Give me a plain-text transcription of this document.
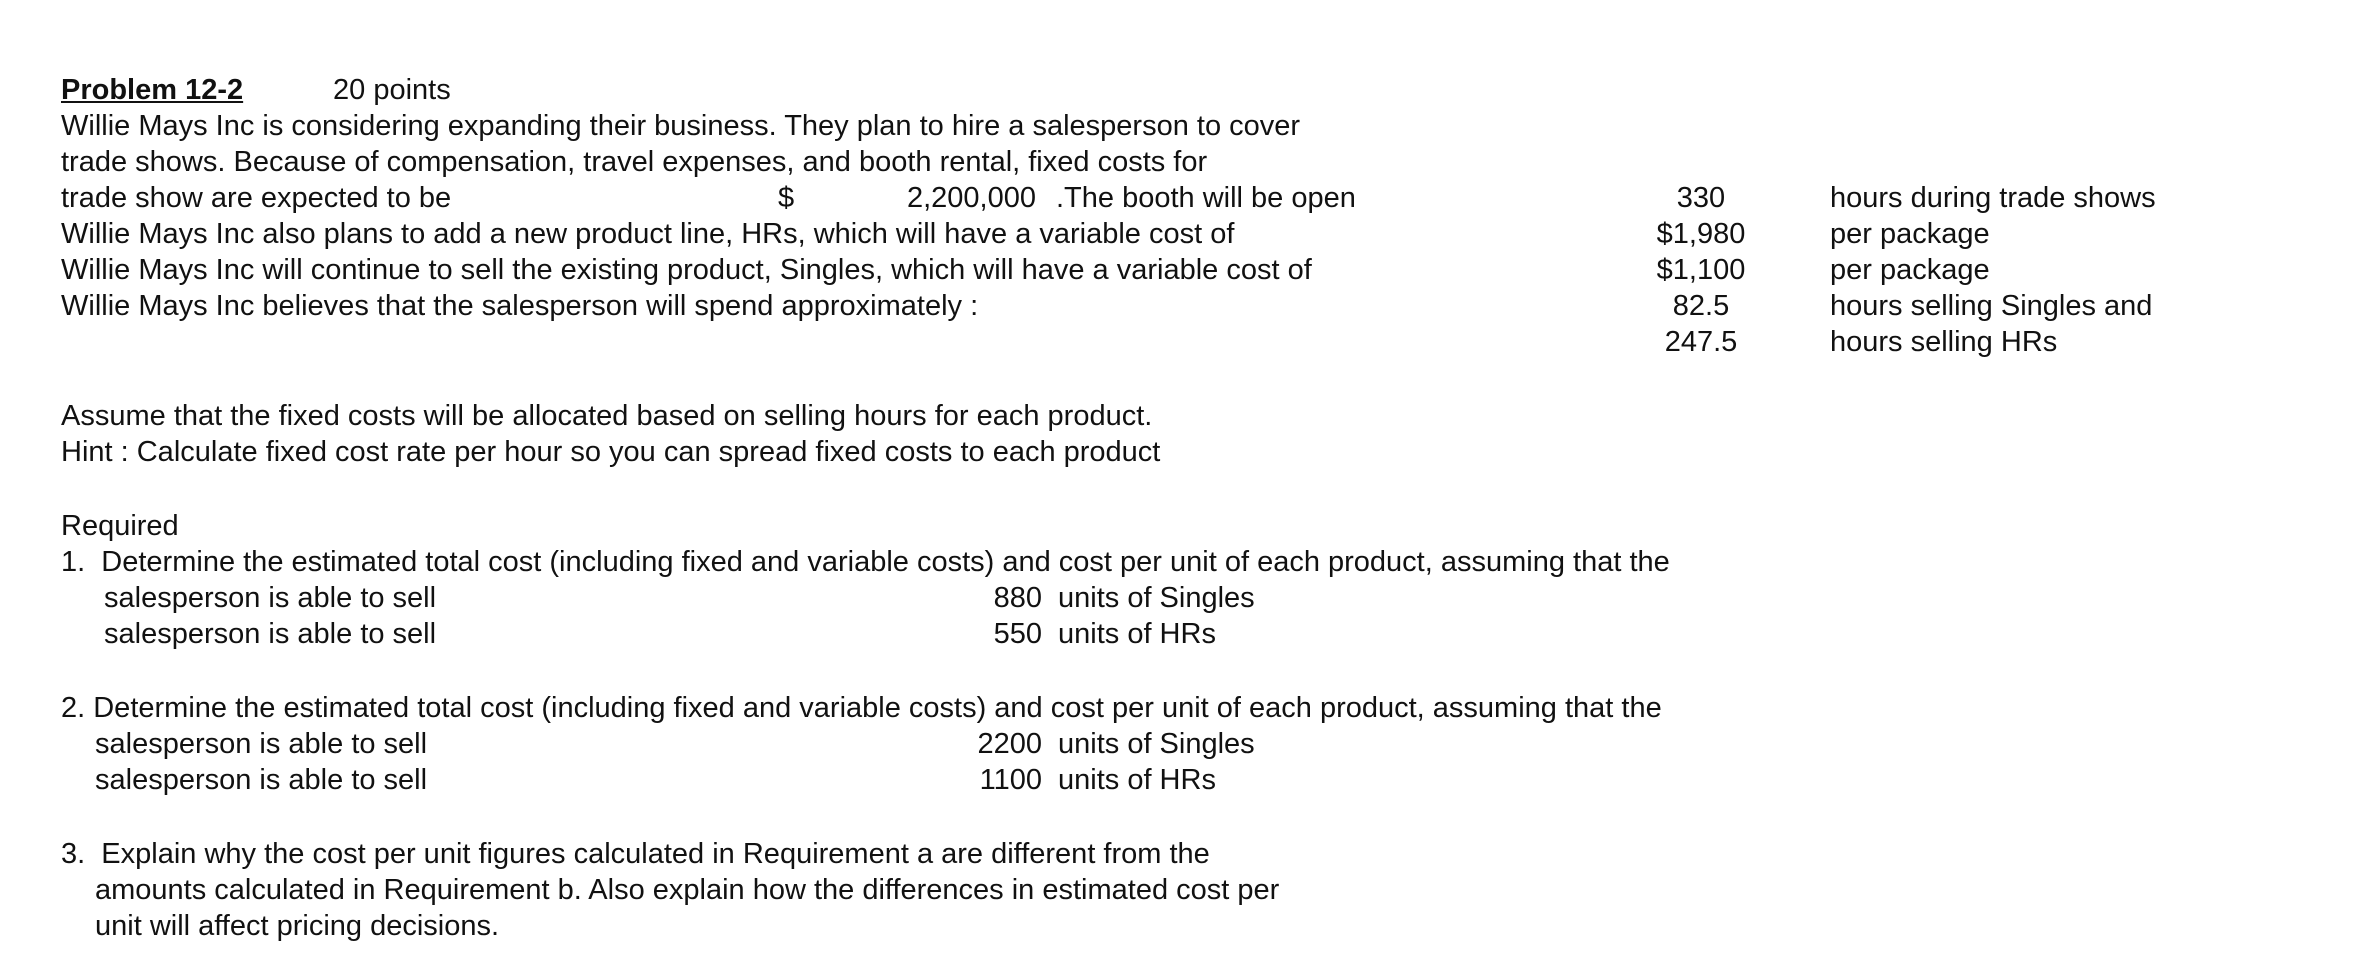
Problem 12-2	20 points
Willie Mays Inc is considering expanding their business. They plan to hire a salesperson to cover
trade shows. Because of compensation, travel expenses, and booth rental, fixed costs for
trade show are expected to be	$	2,200,000 .The booth will be open	330	hours during trade shows
Willie Mays Inc also plans to add a new product line, HRs, which will have a variable cost of	$1,980	per package
Willie Mays Inc will continue to sell the existing product, Singles, which will have a variable cost of	$1,100	per package
Willie Mays Inc believes that the salesperson will spend approximately :	82.5	hours selling Singles and
247.5	hours selling HRs
Assume that the fixed costs will be allocated based on selling hours for each product.
Hint : Calculate fixed cost rate per hour so you can spread fixed costs to each product
Required
1.  Determine the estimated total cost (including fixed and variable costs) and cost per unit of each product, assuming that the
salesperson is able to sell	880 units of Singles
salesperson is able to sell	550 units of HRs
2. Determine the estimated total cost (including fixed and variable costs) and cost per unit of each product, assuming that the
salesperson is able to sell	2200 units of Singles
salesperson is able to sell	1100 units of HRs
3.  Explain why the cost per unit figures calculated in Requirement a are different from the
amounts calculated in Requirement b. Also explain how the differences in estimated cost per
unit will affect pricing decisions.
